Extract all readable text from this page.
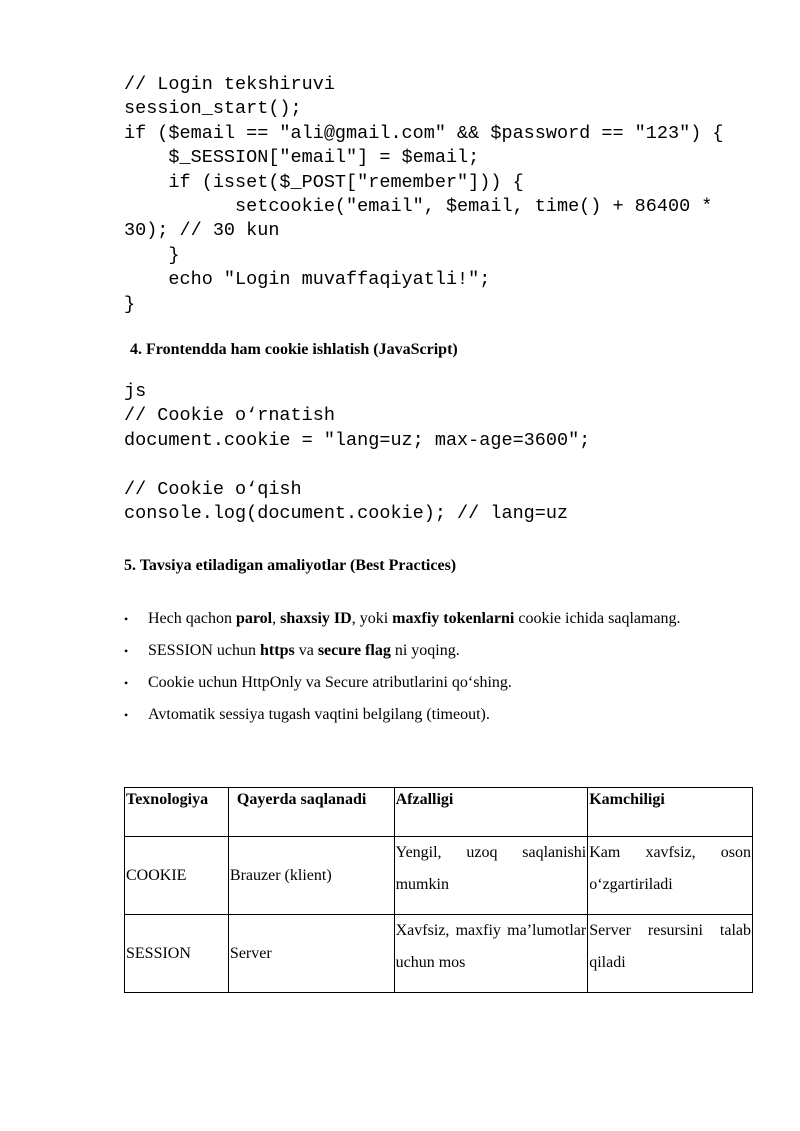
// Login tekshiruvi
session_start();
if ($email == "ali@gmail.com" && $password == "123") {
$_SESSION["email"] = $email;
if (isset($_POST["remember"])) {
setcookie("email", $email, time() + 86400 *
30); // 30 kun
}
echo "Login muvaffaqiyatli!";
}
4. Frontendda ham cookie ishlatish (JavaScript)
js
// Cookie o‘rnatish
document.cookie = "lang=uz; max-age=3600";

// Cookie o‘qish
console.log(document.cookie); // lang=uz
5. Tavsiya etiladigan amaliyotlar (Best Practices)
• Hech qachon parol, shaxsiy ID, yoki maxfiy tokenlarni cookie ichida saqlamang.
• SESSION uchun https va secure flag ni yoqing.
• Cookie uchun HttpOnly va Secure atributlarini qo‘shing.
• Avtomatik sessiya tugash vaqtini belgilang (timeout).
Texnologiya	Qayerda saqlanadi	Afzalligi	Kamchiligi
COOKIE	Brauzer (klient)	Yengil, uzoq saqlanishi mumkin	Kam xavfsiz, oson o‘zgartiriladi
SESSION	Server	Xavfsiz, maxfiy ma’lumotlar uchun mos	Server resursini talab qiladi
